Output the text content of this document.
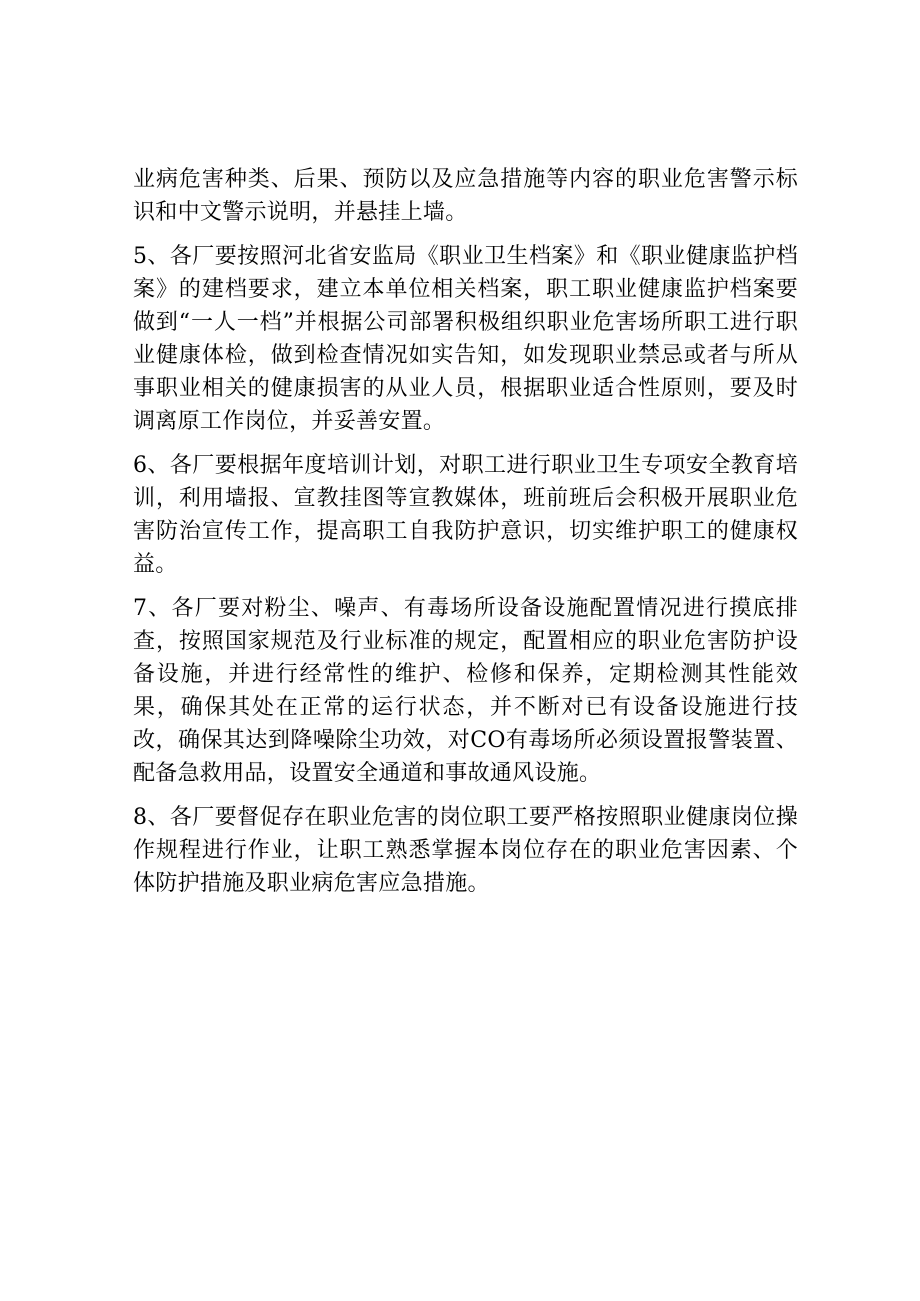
业病危害种类、后果、预防以及应急措施等内容的职业危害警示标识和中文警示说明，并悬挂上墙。

5、各厂要按照河北省安监局《职业卫生档案》和《职业健康监护档案》的建档要求，建立本单位相关档案，职工职业健康监护档案要做到“一人一档”并根据公司部署积极组织职业危害场所职工进行职业健康体检，做到检查情况如实告知，如发现职业禁忌或者与所从事职业相关的健康损害的从业人员，根据职业适合性原则，要及时调离原工作岗位，并妥善安置。

6、各厂要根据年度培训计划，对职工进行职业卫生专项安全教育培训，利用墙报、宣教挂图等宣教媒体，班前班后会积极开展职业危害防治宣传工作，提高职工自我防护意识，切实维护职工的健康权益。

7、各厂要对粉尘、噪声、有毒场所设备设施配置情况进行摸底排查，按照国家规范及行业标准的规定，配置相应的职业危害防护设备设施，并进行经常性的维护、检修和保养，定期检测其性能效果，确保其处在正常的运行状态，并不断对已有设备设施进行技改，确保其达到降噪除尘功效，对CO有毒场所必须设置报警装置、配备急救用品，设置安全通道和事故通风设施。

8、各厂要督促存在职业危害的岗位职工要严格按照职业健康岗位操作规程进行作业，让职工熟悉掌握本岗位存在的职业危害因素、个体防护措施及职业病危害应急措施。
